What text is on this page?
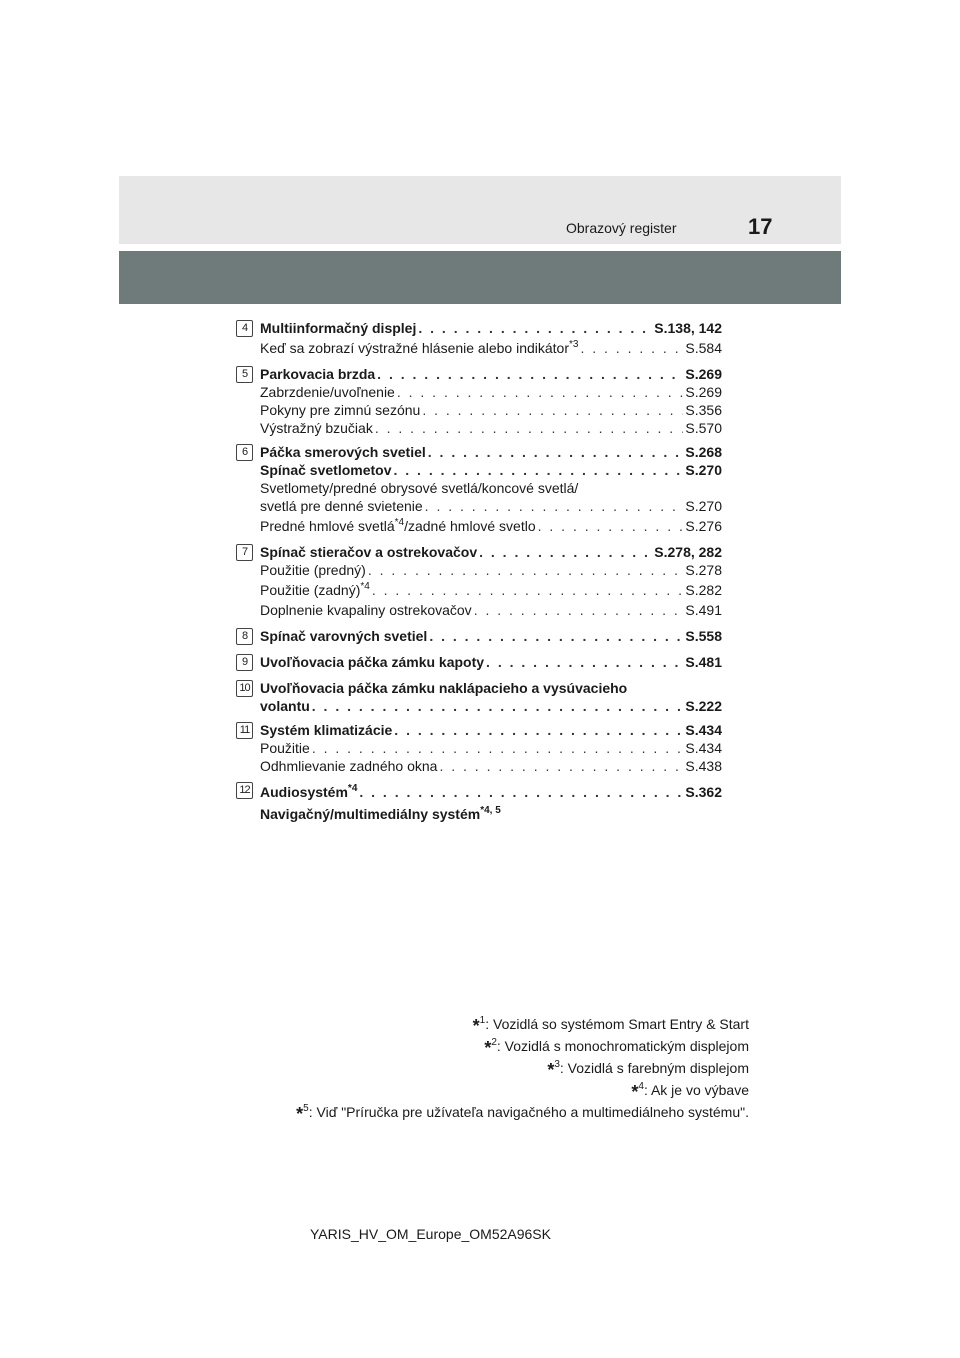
Obrazový register	17
4 Multiinformačný displej . . .	S.138, 142
Keď sa zobrazí výstražné hlásenie alebo indikátor$^{*3}$ . . .	S.584
5 Parkovacia brzda . . .	S.269
Zabrzdenie/uvoľnenie . . .	S.269
Pokyny pre zimnú sezónu . . .	S.356
Výstražný bzučiak . . .	S.570
6 Páčka smerových svetiel . . .	S.268
Spínač svetlometov . . .	S.270
Svetlomety/predné obrysové svetlá/koncové svetlá/
svetlá pre denné svietenie . . .	S.270
Predné hmlové svetlá$^{*4}$/zadné hmlové svetlo . . .	S.276
7 Spínač stieračov a ostrekovačov . . .	S.278, 282
Použitie (predný) . . .	S.278
Použitie (zadný)$^{*4}$ . . .	S.282
Doplnenie kvapaliny ostrekovačov . . .	S.491
8 Spínač varovných svetiel . . .	S.558
9 Uvoľňovacia páčka zámku kapoty . . .	S.481
10 Uvoľňovacia páčka zámku naklápacieho a vysúvacieho
volantu . . .	S.222
11 Systém klimatizácie . . .	S.434
Použitie . . .	S.434
Odhmlievanie zadného okna . . .	S.438
12 Audiosystém$^{*4}$ . . .	S.362
Navigačný/multimediálny systém$^{*4, 5}$
*$^1$: Vozidlá so systémom Smart Entry & Start
*$^2$: Vozidlá s monochromatickým displejom
*$^3$: Vozidlá s farebným displejom
*$^4$: Ak je vo výbave
*$^5$: Viď "Príručka pre užívateľa navigačného a multimediálneho systému".
YARIS_HV_OM_Europe_OM52A96SK
